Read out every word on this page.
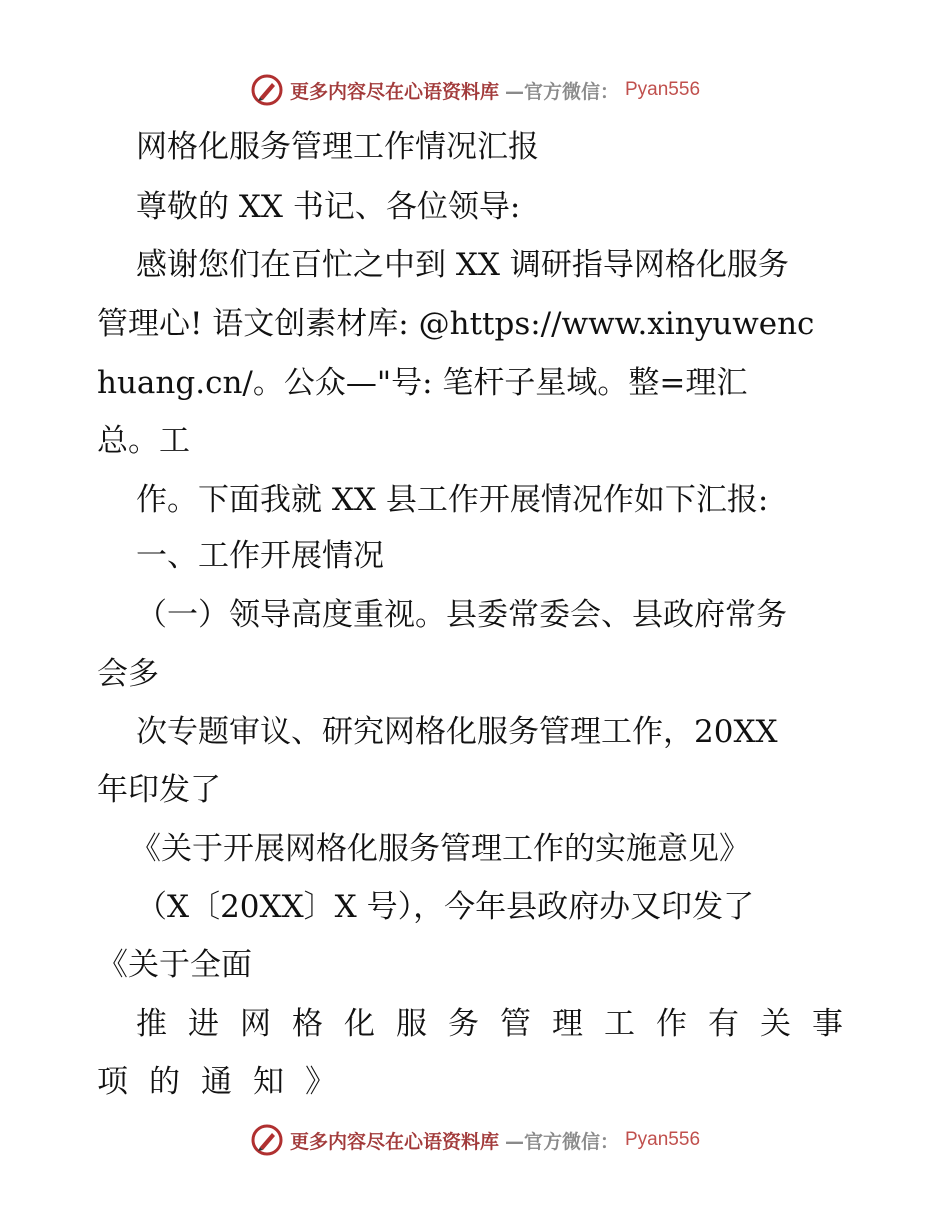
更多内容尽在心语资料库 —官方微信： Pyan556
网格化服务管理工作情况汇报
尊敬的 XX 书记、各位领导:
感谢您们在百忙之中到 XX 调研指导网格化服务
管理心! 语文创素材库: @https://www.xinyuwenc
huang.cn/。公众—"号: 笔杆子星域。整=理汇
总。工
作。下面我就 XX 县工作开展情况作如下汇报:
一、工作开展情况
（一）领导高度重视。县委常委会、县政府常务
会多
次专题审议、研究网格化服务管理工作，20XX
年印发了
《关于开展网格化服务管理工作的实施意见》
（X〔20XX〕X 号），今年县政府办又印发了
《关于全面
推进网格化服务管理工作有关事
项的通知》
更多内容尽在心语资料库 —官方微信： Pyan556
